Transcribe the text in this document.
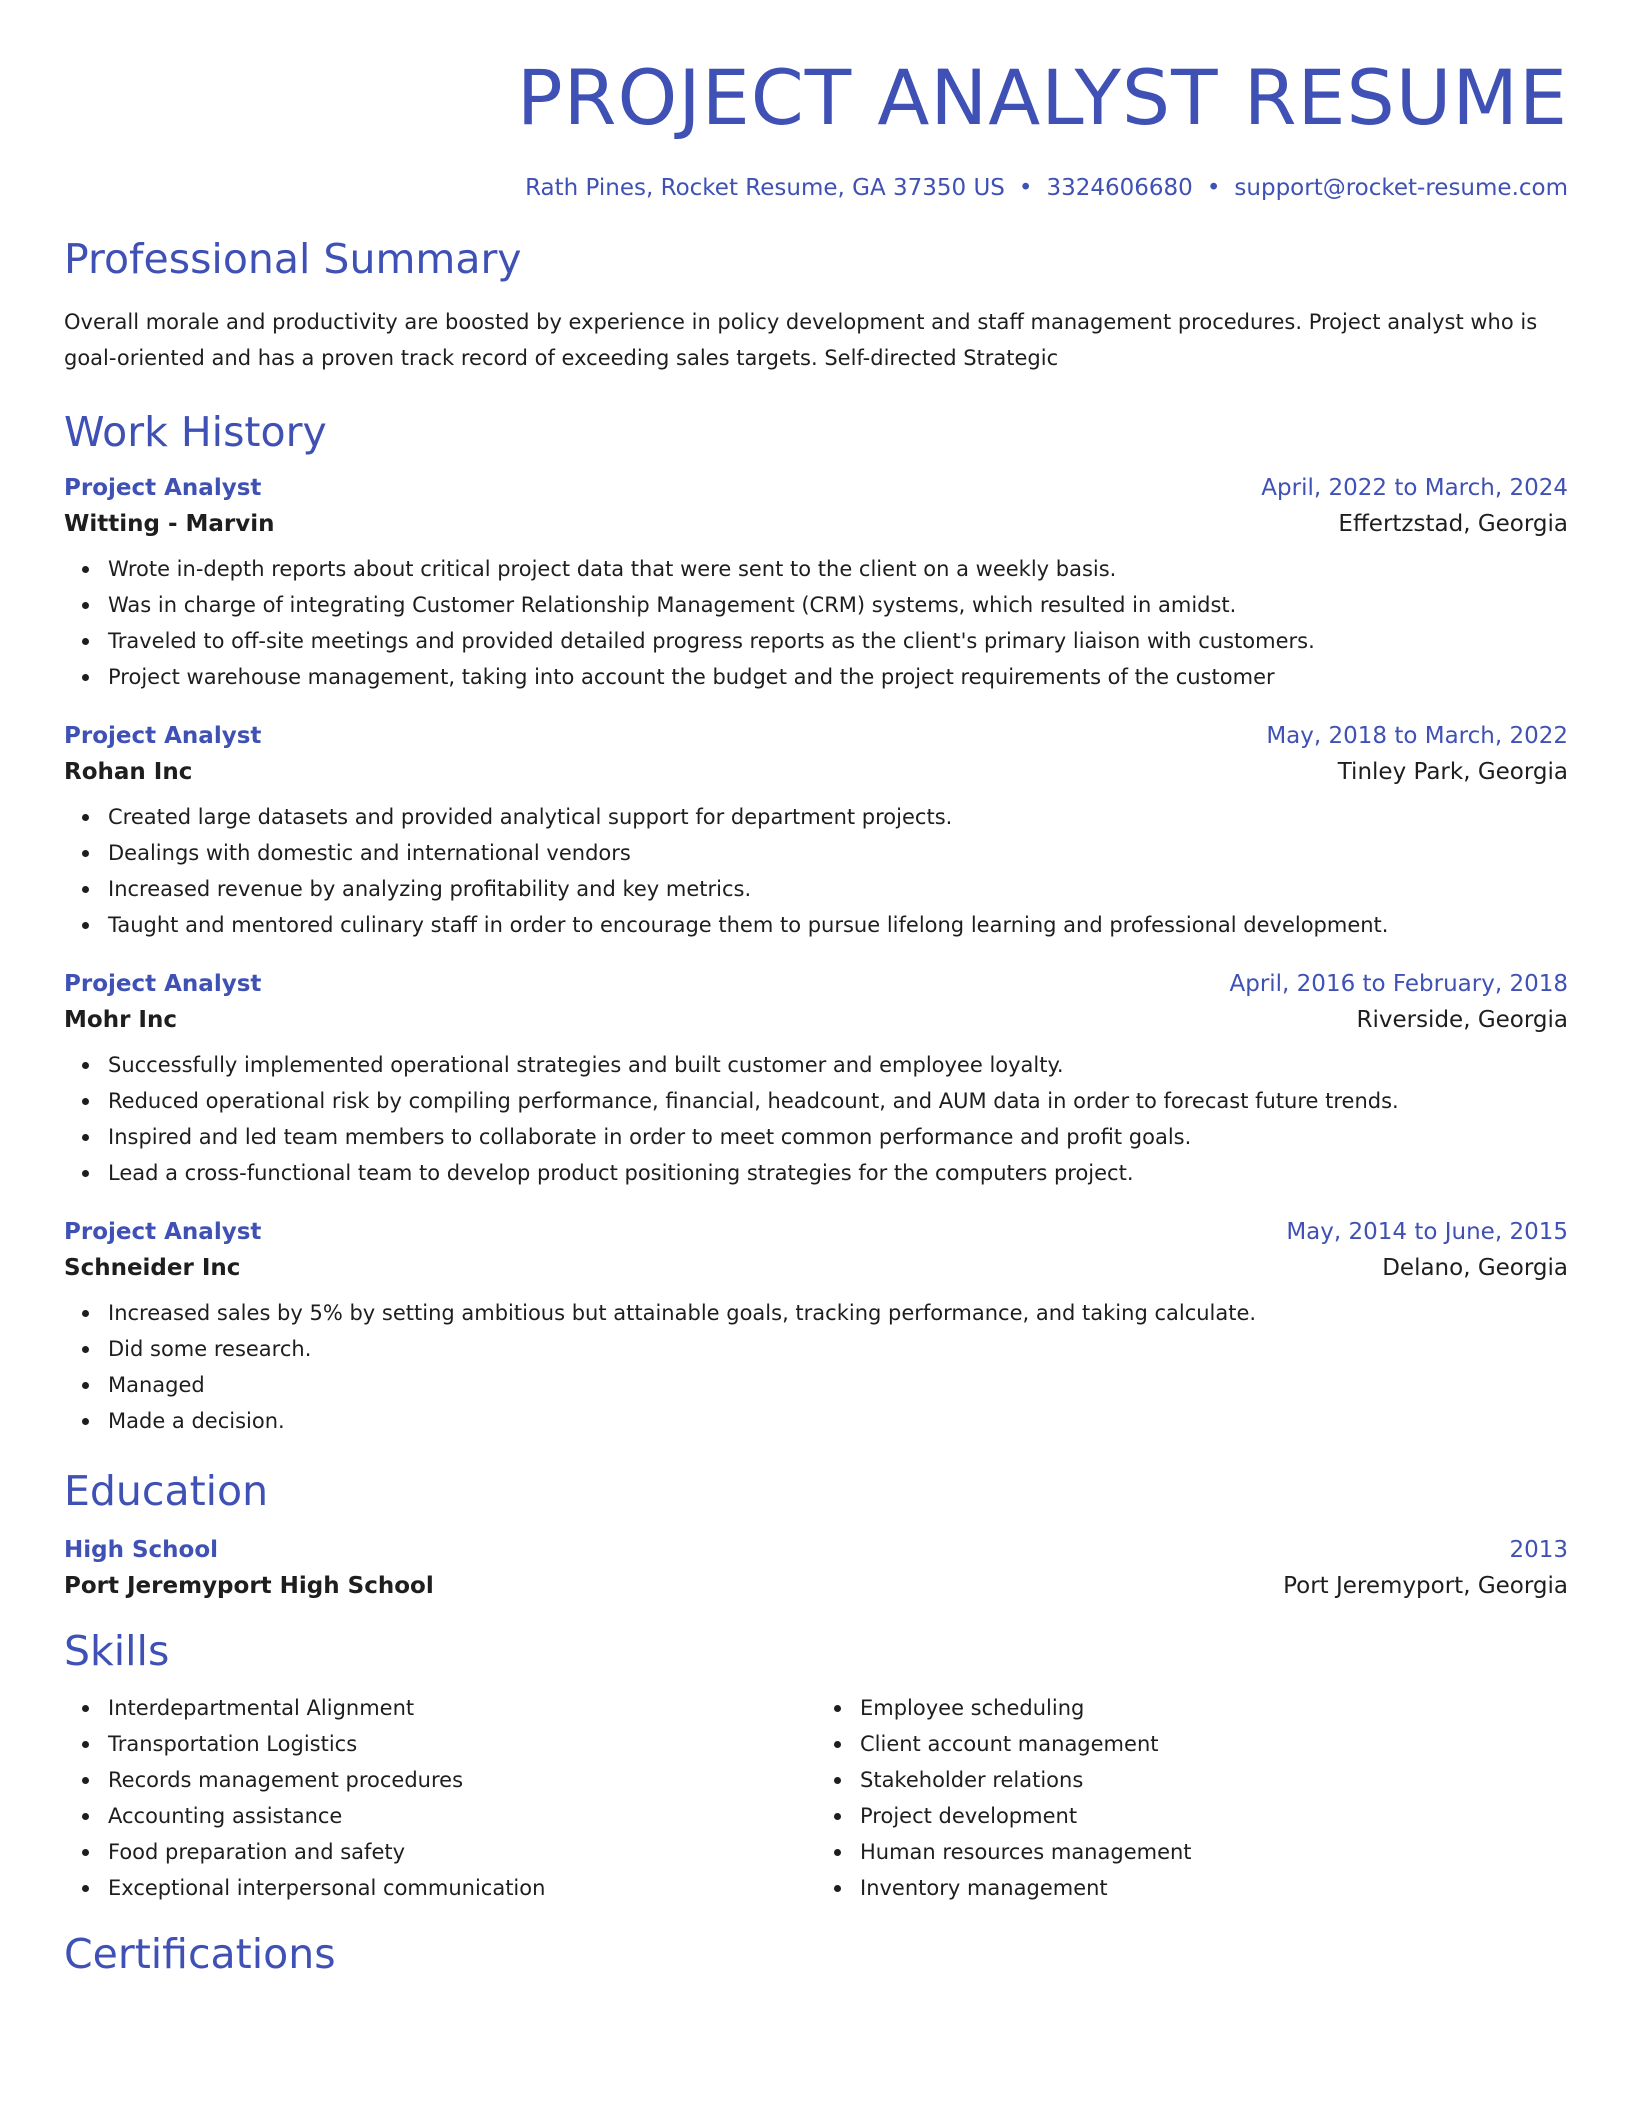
PROJECT ANALYST RESUME
Rath Pines, Rocket Resume, GA 37350 US • 3324606680 • support@rocket-resume.com
Professional Summary

Overall morale and productivity are boosted by experience in policy development and staff management procedures. Project analyst who is goal-oriented and has a proven track record of exceeding sales targets. Self-directed Strategic

Work History
Project Analyst	April, 2022 to March, 2024
Witting - Marvin	Effertzstad, Georgia
Wrote in-depth reports about critical project data that were sent to the client on a weekly basis.
Was in charge of integrating Customer Relationship Management (CRM) systems, which resulted in amidst.
Traveled to off-site meetings and provided detailed progress reports as the client's primary liaison with customers.
Project warehouse management, taking into account the budget and the project requirements of the customer
Project Analyst	May, 2018 to March, 2022
Rohan Inc	Tinley Park, Georgia
Created large datasets and provided analytical support for department projects.
Dealings with domestic and international vendors
Increased revenue by analyzing profitability and key metrics.
Taught and mentored culinary staff in order to encourage them to pursue lifelong learning and professional development.
Project Analyst	April, 2016 to February, 2018
Mohr Inc	Riverside, Georgia
Successfully implemented operational strategies and built customer and employee loyalty.
Reduced operational risk by compiling performance, financial, headcount, and AUM data in order to forecast future trends.
Inspired and led team members to collaborate in order to meet common performance and profit goals.
Lead a cross-functional team to develop product positioning strategies for the computers project.
Project Analyst	May, 2014 to June, 2015
Schneider Inc	Delano, Georgia
Increased sales by 5% by setting ambitious but attainable goals, tracking performance, and taking calculate.
Did some research.
Managed
Made a decision.
Education
High School	2013
Port Jeremyport High School	Port Jeremyport, Georgia
Skills
Interdepartmental Alignment
Transportation Logistics
Records management procedures
Accounting assistance
Food preparation and safety
Exceptional interpersonal communication
Employee scheduling
Client account management
Stakeholder relations
Project development
Human resources management
Inventory management
Certifications
